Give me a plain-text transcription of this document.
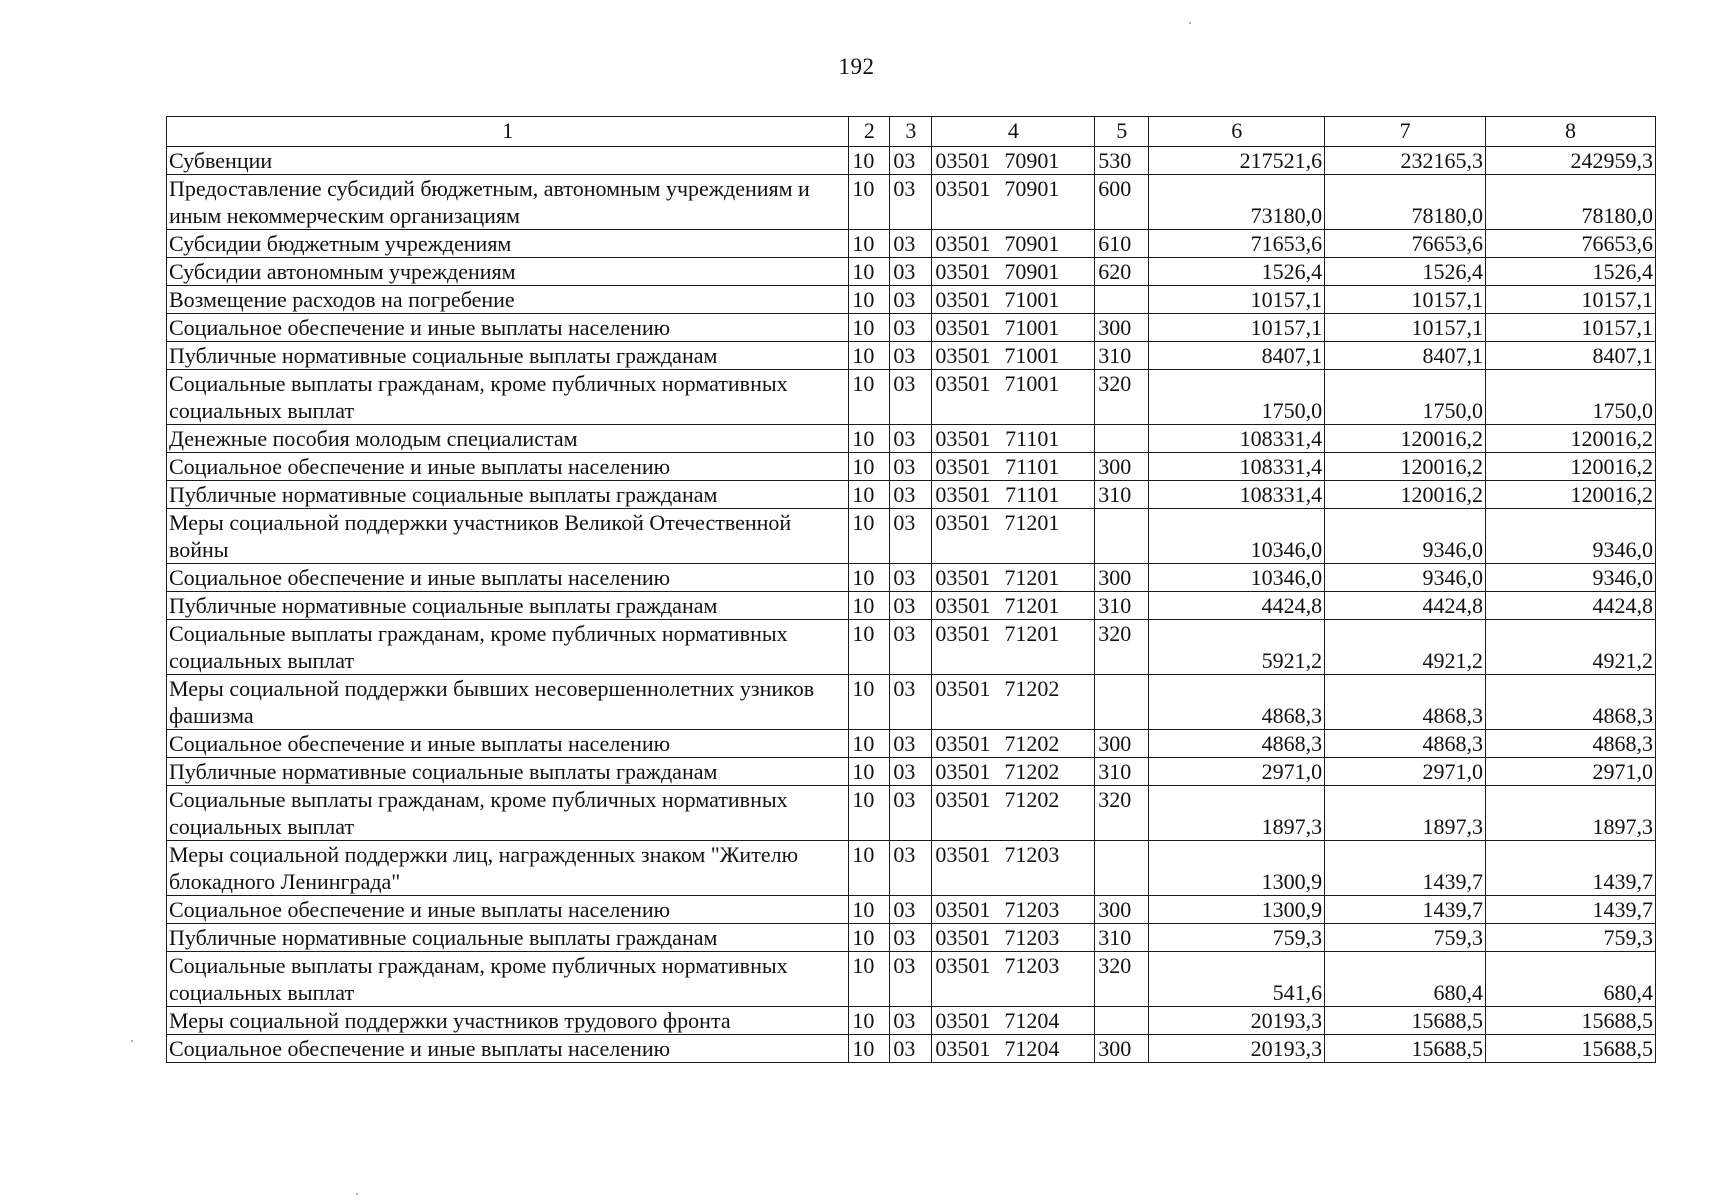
192
1	2	3	4	5	6	7	8
Субвенции	10	03	03501 70901	530	217521,6	232165,3	242959,3
Предоставление субсидий бюджетным, автономным учреждениям и иным некоммерческим организациям	10	03	03501 70901	600	73180,0	78180,0	78180,0
Субсидии бюджетным учреждениям	10	03	03501 70901	610	71653,6	76653,6	76653,6
Субсидии автономным учреждениям	10	03	03501 70901	620	1526,4	1526,4	1526,4
Возмещение расходов на погребение	10	03	03501 71001		10157,1	10157,1	10157,1
Социальное обеспечение и иные выплаты населению	10	03	03501 71001	300	10157,1	10157,1	10157,1
Публичные нормативные социальные выплаты гражданам	10	03	03501 71001	310	8407,1	8407,1	8407,1
Социальные выплаты гражданам, кроме публичных нормативных социальных выплат	10	03	03501 71001	320	1750,0	1750,0	1750,0
Денежные пособия молодым специалистам	10	03	03501 71101		108331,4	120016,2	120016,2
Социальное обеспечение и иные выплаты населению	10	03	03501 71101	300	108331,4	120016,2	120016,2
Публичные нормативные социальные выплаты гражданам	10	03	03501 71101	310	108331,4	120016,2	120016,2
Меры социальной поддержки участников Великой Отечественной войны	10	03	03501 71201		10346,0	9346,0	9346,0
Социальное обеспечение и иные выплаты населению	10	03	03501 71201	300	10346,0	9346,0	9346,0
Публичные нормативные социальные выплаты гражданам	10	03	03501 71201	310	4424,8	4424,8	4424,8
Социальные выплаты гражданам, кроме публичных нормативных социальных выплат	10	03	03501 71201	320	5921,2	4921,2	4921,2
Меры социальной поддержки бывших несовершеннолетних узников фашизма	10	03	03501 71202		4868,3	4868,3	4868,3
Социальное обеспечение и иные выплаты населению	10	03	03501 71202	300	4868,3	4868,3	4868,3
Публичные нормативные социальные выплаты гражданам	10	03	03501 71202	310	2971,0	2971,0	2971,0
Социальные выплаты гражданам, кроме публичных нормативных социальных выплат	10	03	03501 71202	320	1897,3	1897,3	1897,3
Меры социальной поддержки лиц, награжденных знаком "Жителю блокадного Ленинграда"	10	03	03501 71203		1300,9	1439,7	1439,7
Социальное обеспечение и иные выплаты населению	10	03	03501 71203	300	1300,9	1439,7	1439,7
Публичные нормативные социальные выплаты гражданам	10	03	03501 71203	310	759,3	759,3	759,3
Социальные выплаты гражданам, кроме публичных нормативных социальных выплат	10	03	03501 71203	320	541,6	680,4	680,4
Меры социальной поддержки участников трудового фронта	10	03	03501 71204		20193,3	15688,5	15688,5
Социальное обеспечение и иные выплаты населению	10	03	03501 71204	300	20193,3	15688,5	15688,5
